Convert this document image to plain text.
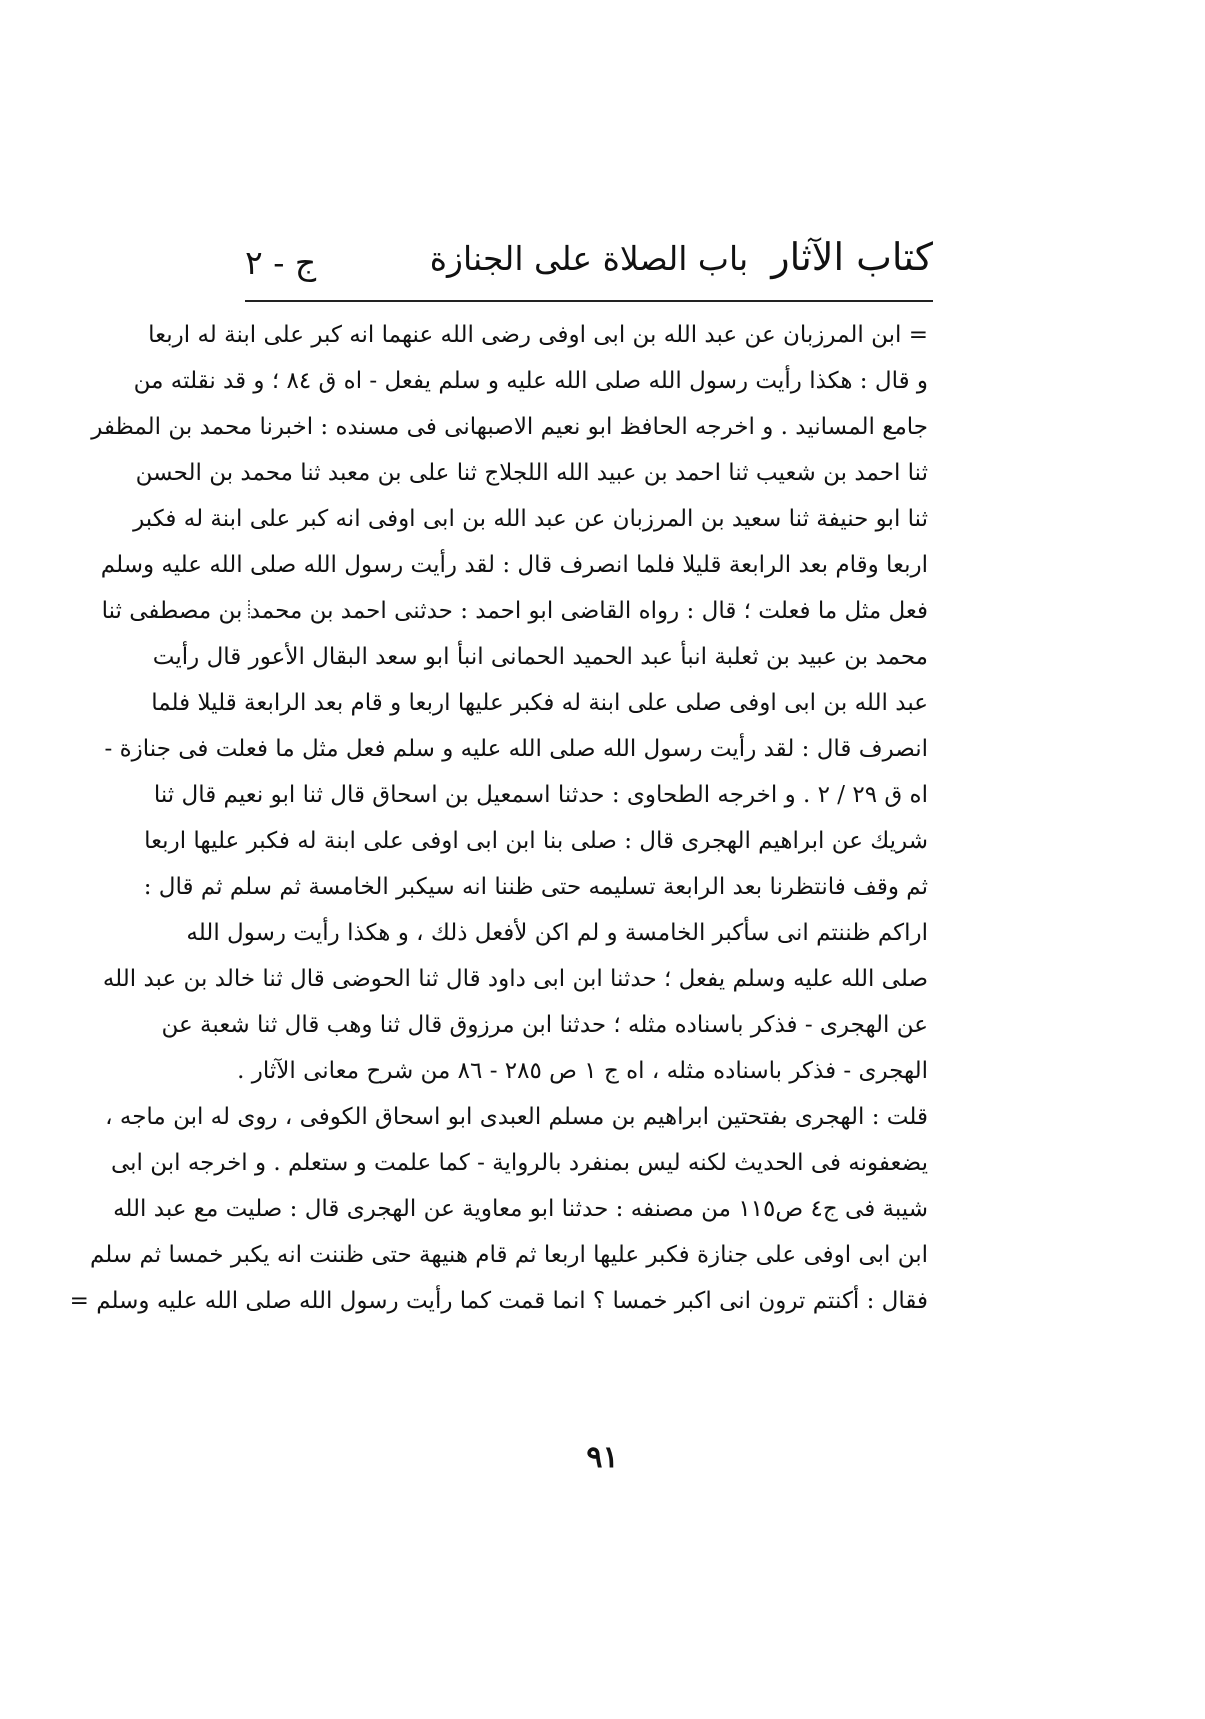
كتاب الآثار
باب الصلاة على الجنازة
ج - ٢
= ابن المرزبان عن عبد الله بن ابى اوفى رضى الله عنهما انه كبر على ابنة له اربعا
و قال : هكذا رأيت رسول الله صلى الله عليه و سلم يفعل - اه ق ٨٤ ؛ و قد نقلته من
جامع المسانيد . و اخرجه الحافظ ابو نعيم الاصبهانى فى مسنده : اخبرنا محمد بن المظفر
ثنا احمد بن شعيب ثنا احمد بن عبيد الله اللجلاج ثنا على بن معبد ثنا محمد بن الحسن
ثنا ابو حنيفة ثنا سعيد بن المرزبان عن عبد الله بن ابى اوفى انه كبر على ابنة له فكبر
اربعا وقام بعد الرابعة قليلا فلما انصرف قال : لقد رأيت رسول الله صلى الله عليه وسلم
فعل مثل ما فعلت ؛ قال : رواه القاضى ابو احمد : حدثنى احمد بن محمد بن مصطفى ثنا
محمد بن عبيد بن ثعلبة انبأ عبد الحميد الحمانى انبأ ابو سعد البقال الأعور قال رأيت
عبد الله بن ابى اوفى صلى على ابنة له فكبر عليها اربعا و قام بعد الرابعة قليلا فلما
انصرف قال : لقد رأيت رسول الله صلى الله عليه و سلم فعل مثل ما فعلت فى جنازة -
اه ق ٢٩ / ٢ . و اخرجه الطحاوى : حدثنا اسمعيل بن اسحاق قال ثنا ابو نعيم قال ثنا
شريك عن ابراهيم الهجرى قال : صلى بنا ابن ابى اوفى على ابنة له فكبر عليها اربعا
ثم وقف فانتظرنا بعد الرابعة تسليمه حتى ظننا انه سيكبر الخامسة ثم سلم ثم قال :
اراكم ظننتم انى سأكبر الخامسة و لم اكن لأفعل ذلك ، و هكذا رأيت رسول الله
صلى الله عليه وسلم يفعل ؛ حدثنا ابن ابى داود قال ثنا الحوضى قال ثنا خالد بن عبد الله
عن الهجرى - فذكر باسناده مثله ؛ حدثنا ابن مرزوق قال ثنا وهب قال ثنا شعبة عن
الهجرى - فذكر باسناده مثله ، اه ج ١ ص ٢٨٥ - ٨٦ من شرح معانى الآثار .
قلت : الهجرى بفتحتين ابراهيم بن مسلم العبدى ابو اسحاق الكوفى ، روى له ابن ماجه ،
يضعفونه فى الحديث لكنه ليس بمنفرد بالرواية - كما علمت و ستعلم . و اخرجه ابن ابى
شيبة فى ج٤ ص١١٥ من مصنفه : حدثنا ابو معاوية عن الهجرى قال : صليت مع عبد الله
ابن ابى اوفى على جنازة فكبر عليها اربعا ثم قام هنيهة حتى ظننت انه يكبر خمسا ثم سلم
فقال : أكنتم ترون انى اكبر خمسا ؟ انما قمت كما رأيت رسول الله صلى الله عليه وسلم =
٩١
